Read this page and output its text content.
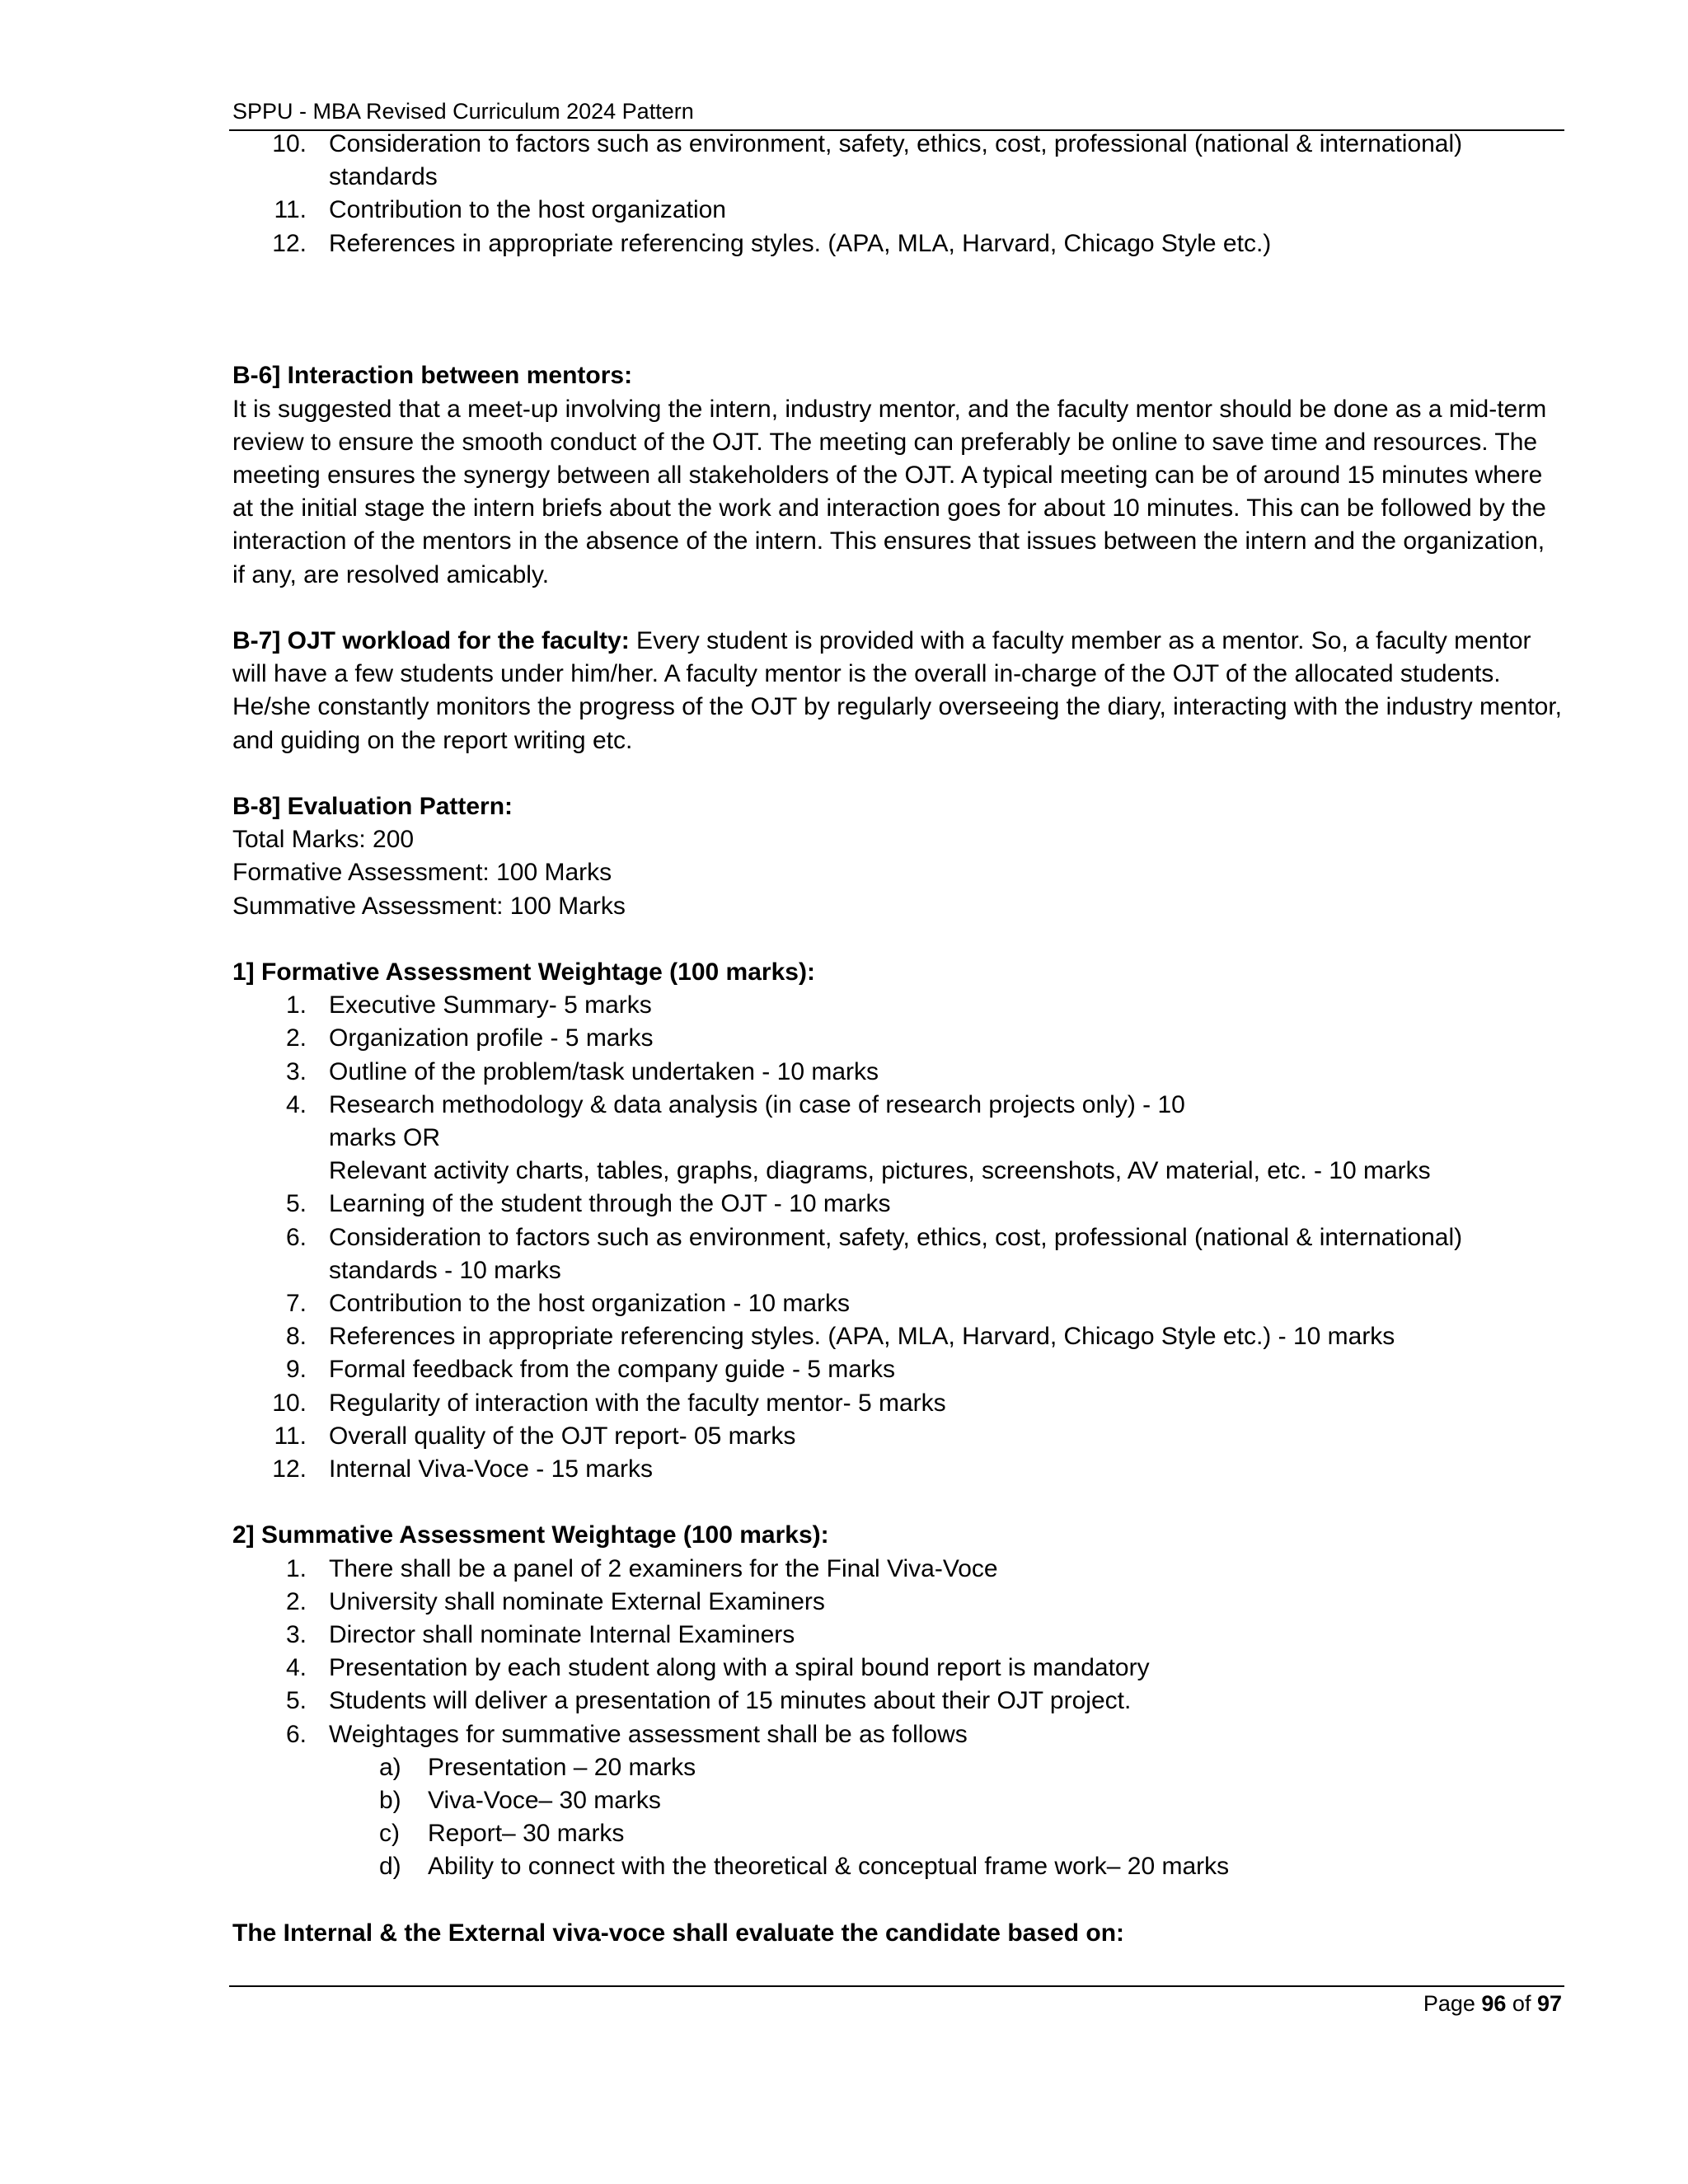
SPPU - MBA Revised Curriculum 2024 Pattern
10. Consideration to factors such as environment, safety, ethics, cost, professional (national & international) standards
11. Contribution to the host organization
12. References in appropriate referencing styles. (APA, MLA, Harvard, Chicago Style etc.)
B-6] Interaction between mentors:

It is suggested that a meet-up involving the intern, industry mentor, and the faculty mentor should be done as a mid-term review to ensure the smooth conduct of the OJT. The meeting can preferably be online to save time and resources. The meeting ensures the synergy between all stakeholders of the OJT. A typical meeting can be of around 15 minutes where at the initial stage the intern briefs about the work and interaction goes for about 10 minutes. This can be followed by the interaction of the mentors in the absence of the intern. This ensures that issues between the intern and the organization, if any, are resolved amicably.

B-7] OJT workload for the faculty: Every student is provided with a faculty member as a mentor. So, a faculty mentor will have a few students under him/her. A faculty mentor is the overall in-charge of the OJT of the allocated students. He/she constantly monitors the progress of the OJT by regularly overseeing the diary, interacting with the industry mentor, and guiding on the report writing etc.

B-8] Evaluation Pattern:
Total Marks: 200
Formative Assessment: 100 Marks
Summative Assessment: 100 Marks
1] Formative Assessment Weightage (100 marks):
1. Executive Summary- 5 marks
2. Organization profile - 5 marks
3. Outline of the problem/task undertaken - 10 marks
4. Research methodology & data analysis (in case of research projects only) - 10
marks OR
Relevant activity charts, tables, graphs, diagrams, pictures, screenshots, AV material, etc. - 10 marks
5. Learning of the student through the OJT - 10 marks
6. Consideration to factors such as environment, safety, ethics, cost, professional (national & international) standards - 10 marks
7. Contribution to the host organization - 10 marks
8. References in appropriate referencing styles. (APA, MLA, Harvard, Chicago Style etc.) - 10 marks
9. Formal feedback from the company guide - 5 marks
10. Regularity of interaction with the faculty mentor- 5 marks
11. Overall quality of the OJT report- 05 marks
12. Internal Viva-Voce - 15 marks
2] Summative Assessment Weightage (100 marks):
1. There shall be a panel of 2 examiners for the Final Viva-Voce
2. University shall nominate External Examiners
3. Director shall nominate Internal Examiners
4. Presentation by each student along with a spiral bound report is mandatory
5. Students will deliver a presentation of 15 minutes about their OJT project.
6. Weightages for summative assessment shall be as follows
a) Presentation – 20 marks
b) Viva-Voce– 30 marks
c) Report– 30 marks
d) Ability to connect with the theoretical & conceptual frame work– 20 marks
The Internal & the External viva-voce shall evaluate the candidate based on:
Page 96 of 97
